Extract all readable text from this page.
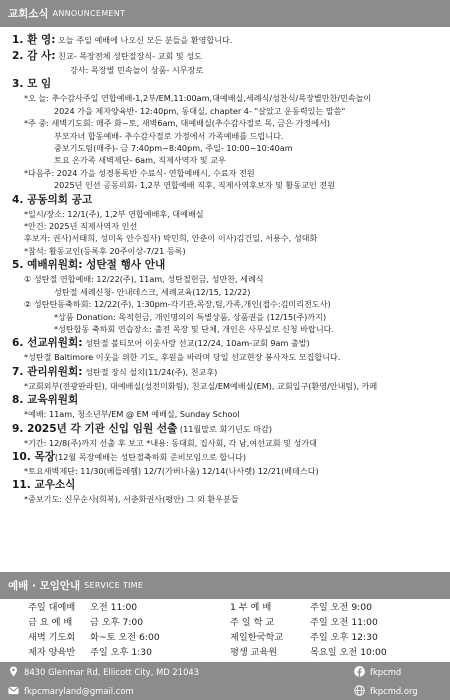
교회소식 ANNOUNCEMENT
1. 환 영: 오늘 주일 예배에 나오신 모든 분들을 환영합니다.
2. 감 사: 친교- 목장전체 성탄절장식- 교회 및 성도
강사: 목장별 민속놀이 상품- 시무장로
3. 모 임
*오 늘: 추수감사주일 연합예배-1,2부/EM,11:00am,대예배실,세례식/성찬식/목장별만찬/민속놀이
2024 가을 제자양육반- 12:40pm, 동대실, chapter 4- "살았고 운동력있는 말씀"
*주 중: 새벽기도회: 매주 화~토, 새벽6am, 대예배실(추수감사절로 목, 금은 가정에서)
부모자녀 합동예배- 추수감사절로 가정에서 가족예배를 드립니다.
중보기도팀(매주)- 금 7:40pm~8:40pm, 주일- 10:00~10:40am
토요 온가족 새벽제단- 6am, 직제사역자 및 교우
*다음주: 2024 가을 성경통독반 수료식- 연합예배시, 수료자 전원
2025년 인선 공동의회- 1,2부 연합예배 직후, 직제사역후보자 및 활동교인 전원
4. 공동의회 공고
*일시/장소: 12/1(주), 1,2부 연합예배후, 대예배실
*안건: 2025년 직제사역자 인선
후보자: 권사)서태희, 성미옥 안수집사) 박민희, 안춘이 이사)김건일, 서용수, 성대화
*참석: 활동교인(등록후 20주이상-7/21 등록)
5. 예배위원회: 성탄절 행사 안내
① 성탄절 연합예배: 12/22(주), 11am, 성탄절헌금, 성만찬, 세례식
성탄절 세례신청- 안내데스크, 세례교육(12/15, 12/22)
② 성탄탄동축하회: 12/22(주), 1:30pm-각기관,목장,팀,가족,개인(접수:김미리전도사)
*상품 Donation: 목적헌금, 개인명의의 특별상품, 상품권을 (12/15(주)까지)
*성탄합동 축하회 연습장소: 출전 목장 및 단체, 개인은 사무실로 신청 바랍니다.
6. 선교위원회: 성탄절 볼티모어 이웃사랑 선교(12/24, 10am-교회 9am 출발)
*성탄절 Baltimore 이웃을 위한 기도, 후원을 바라며 당일 선교현장 봉사자도 모집합니다.
7. 관리위원회: 성탄절 장식 설치(11/24(주), 친교후)
*교회외부(전광판라틴), 대예배실(성전미화팀), 친교실/EM예배실(EM), 교회입구(환영/안내팀), 카페
8. 교육위원회
*예배: 11am, 청소년부/EM @ EM 예배실, Sunday School
9. 2025년 각 기관 신입 임원 선출 (11월말로 회기년도 마감)
*기간: 12/8(주)까지 선출 후 보고 *내용: 동대회, 집사회, 각 남,여선교회 및 성가대
10. 목장(12월 목장예배는 성탄절축하회 준비모임으로 합니다)
*토요새벽제단: 11/30(베들레헴) 12/7(가버나움) 12/14(나사렛) 12/21(베데스다)
11. 교우소식
*중보기도: 신무순사(희복), 서춘화권사(평안) 그 외 환우분들
예배 · 모임안내 SERVICE TIME
주일 대예배	오전 11:00	1 부 예 배	주일 오전 9:00
금 요 예 배	금 오후 7:00	주 일 학 교	주일 오전 11:00
새벽 기도회	화~토 오전 6:00	제일한국학교	주일 오후 12:30
제자 양육반	주일 오후 1:30	평생 교육원	목요일 오전 10:00
8430 Glenmar Rd, Ellicott City, MD 21043	fkpcmd
fkpcmaryland@gmail.com	fkpcmd.org
